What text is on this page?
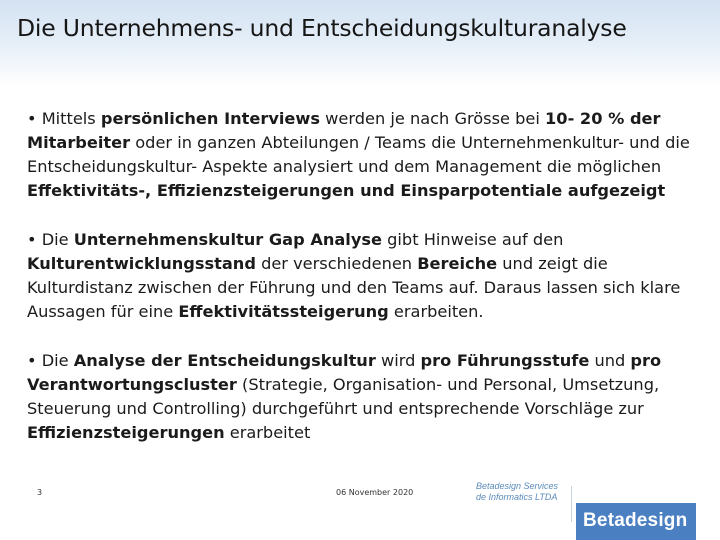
Die Unternehmens- und Entscheidungskulturanalyse

• Mittels persönlichen Interviews werden je nach Grösse bei 10- 20 % der Mitarbeiter oder in ganzen Abteilungen / Teams die Unternehmenkultur- und die Entscheidungskultur- Aspekte analysiert und dem Management die möglichen Effektivitäts-, Effizienzsteigerungen und Einsparpotentiale aufgezeigt

• Die Unternehmenskultur Gap Analyse gibt Hinweise auf den Kulturentwicklungsstand der verschiedenen Bereiche und zeigt die Kulturdistanz zwischen der Führung und den Teams auf. Daraus lassen sich klare Aussagen für eine Effektivitätssteigerung erarbeiten.

• Die Analyse der Entscheidungskultur wird pro Führungsstufe und pro Verantwortungscluster (Strategie, Organisation- und Personal, Umsetzung, Steuerung und Controlling) durchgeführt und entsprechende Vorschläge zur Effizienzsteigerungen erarbeitet

3	06 November 2020
Betadesign Services
de Informatics LTDA
Betadesign
